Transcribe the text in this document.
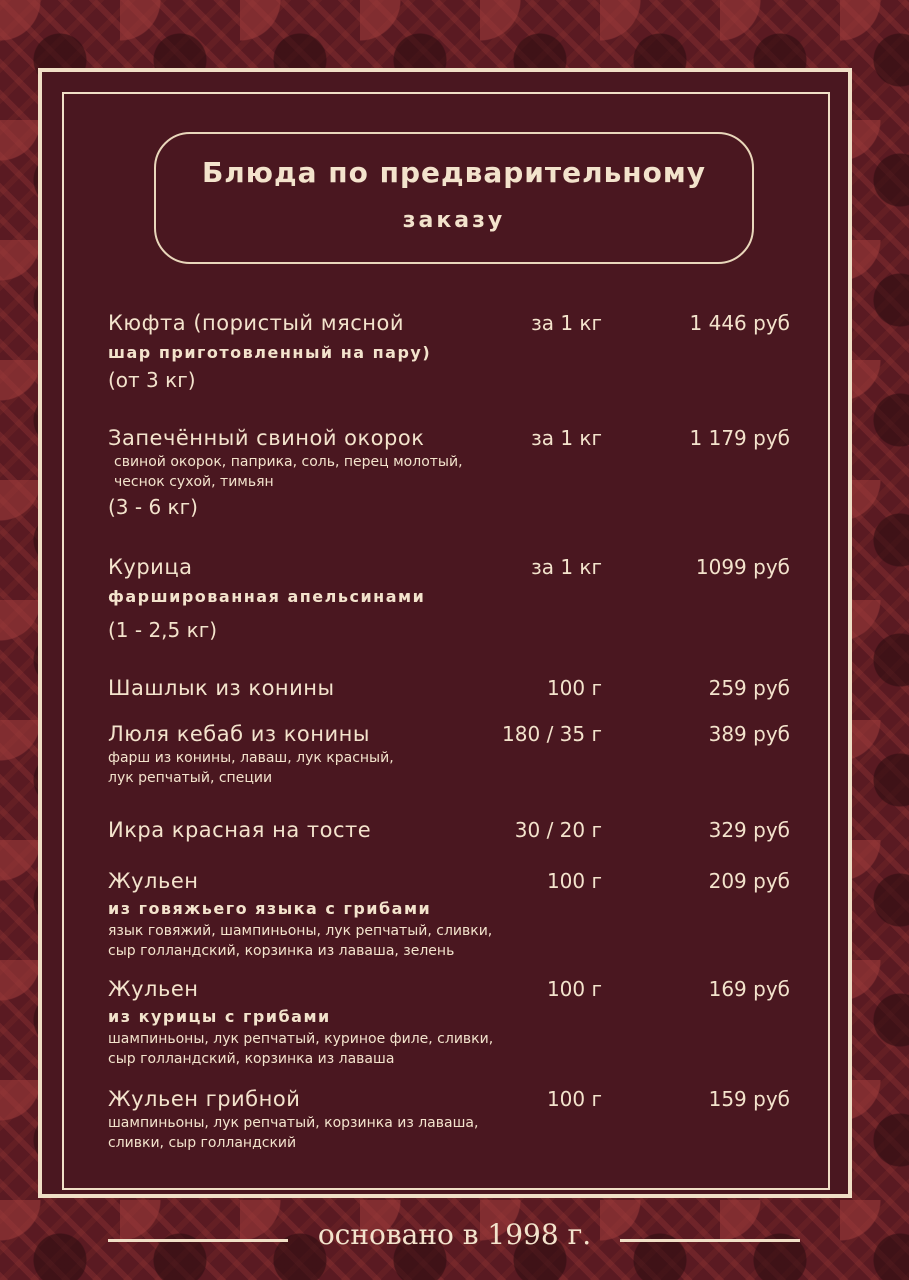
Блюда по предварительному
заказу
Кюфта (пористый мясной
шар приготовленный на пару)
(от 3 кг)
за 1 кг	1 446 руб
Запечённый свиной окорок
свиной окорок, паприка, соль, перец молотый,
чеснок сухой, тимьян
(3 - 6 кг)
за 1 кг	1 179 руб
Курица
фаршированная апельсинами
(1 - 2,5 кг)
за 1 кг	1099 руб
Шашлык из конины	100 г	259 руб
Люля кебаб из конины
фарш из конины, лаваш, лук красный,
лук репчатый, специи
180 / 35 г	389 руб
Икра красная на тосте	30 / 20 г	329 руб
Жульен
из говяжьего языка с грибами
язык говяжий, шампиньоны, лук репчатый, сливки,
сыр голландский, корзинка из лаваша, зелень
100 г	209 руб
Жульен
из курицы с грибами
шампиньоны, лук репчатый, куриное филе, сливки,
сыр голландский, корзинка из лаваша
100 г	169 руб
Жульен грибной
шампиньоны, лук репчатый, корзинка из лаваша,
сливки, сыр голландский
100 г	159 руб
основано в 1998 г.
